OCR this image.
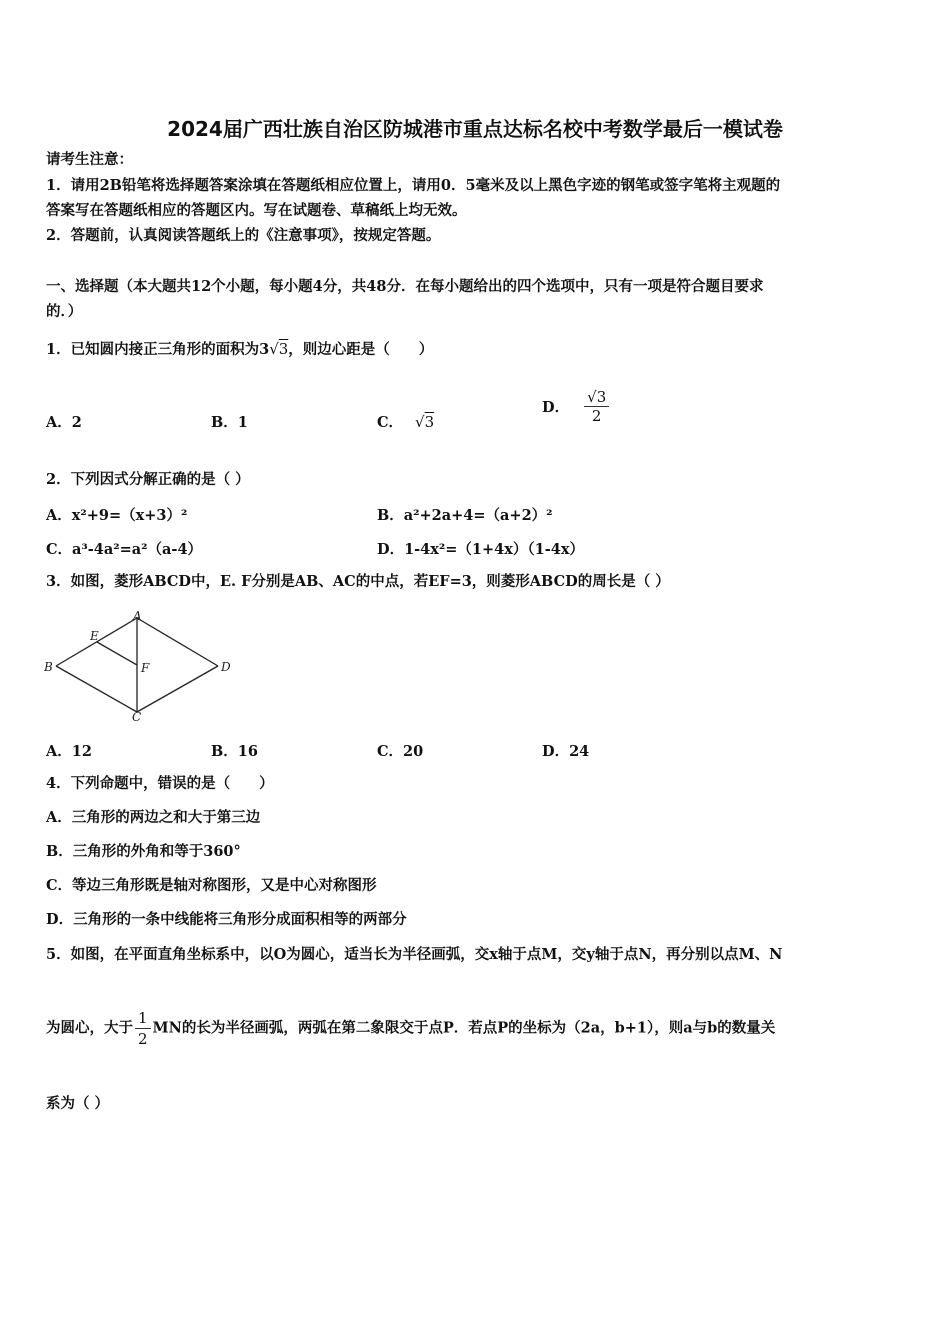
2024届广西壮族自治区防城港市重点达标名校中考数学最后一模试卷
请考生注意：
1．请用2B铅笔将选择题答案涂填在答题纸相应位置上，请用0．5毫米及以上黑色字迹的钢笔或签字笔将主观题的
答案写在答题纸相应的答题区内。写在试题卷、草稿纸上均无效。
2．答题前，认真阅读答题纸上的《注意事项》，按规定答题。
一、选择题（本大题共12个小题，每小题4分，共48分．在每小题给出的四个选项中，只有一项是符合题目要求
的．）
1．已知圆内接正三角形的面积为3√3，则边心距是（　　）
A．2	B．1	C． √3
D． $\frac{√3}{2}$
2．下列因式分解正确的是（ ）
A．x²+9=（x+3）²	B．a²+2a+4=（a+2）²
C．a³-4a²=a²（a-4）	D．1-4x²=（1+4x）（1-4x）
3．如图，菱形ABCD中，E. F分别是AB、AC的中点，若EF=3，则菱形ABCD的周长是（ ）
A
B
C
D
E
F
A．12	B．16	C．20	D．24
4．下列命题中，错误的是（　　）
A．三角形的两边之和大于第三边
B．三角形的外角和等于360°
C．等边三角形既是轴对称图形，又是中心对称图形
D．三角形的一条中线能将三角形分成面积相等的两部分
5．如图，在平面直角坐标系中，以O为圆心，适当长为半径画弧，交x轴于点M，交y轴于点N，再分别以点M、N
为圆心，大于 $\frac{1}{2}$ MN的长为半径画弧，两弧在第二象限交于点P．若点P的坐标为（2a，b+1），则a与b的数量关
系为（ ）
